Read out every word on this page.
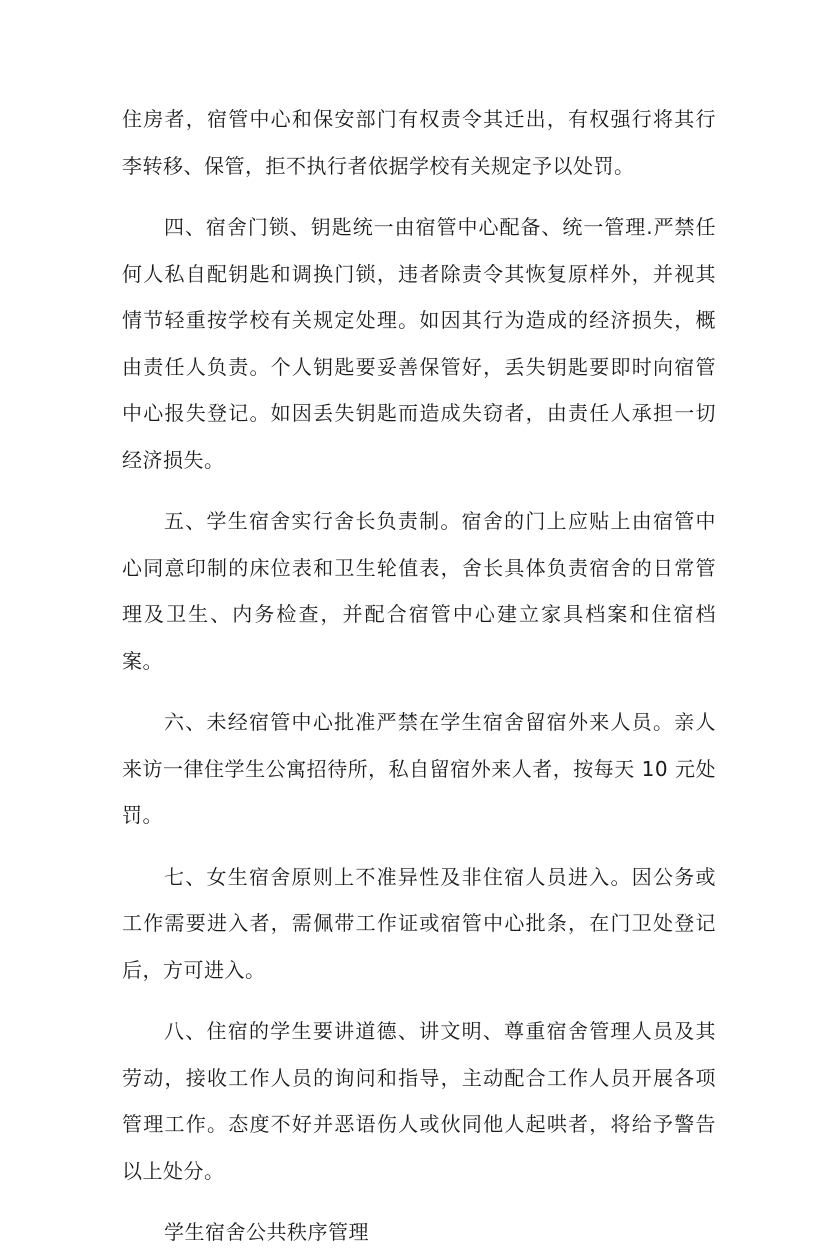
住房者，宿管中心和保安部门有权责令其迁出，有权强行将其行李转移、保管，拒不执行者依据学校有关规定予以处罚。

四、宿舍门锁、钥匙统一由宿管中心配备、统一管理.严禁任何人私自配钥匙和调换门锁，违者除责令其恢复原样外，并视其情节轻重按学校有关规定处理。如因其行为造成的经济损失，概由责任人负责。个人钥匙要妥善保管好，丢失钥匙要即时向宿管中心报失登记。如因丢失钥匙而造成失窃者，由责任人承担一切经济损失。

五、学生宿舍实行舍长负责制。宿舍的门上应贴上由宿管中心同意印制的床位表和卫生轮值表，舍长具体负责宿舍的日常管理及卫生、内务检查，并配合宿管中心建立家具档案和住宿档案。

六、未经宿管中心批准严禁在学生宿舍留宿外来人员。亲人来访一律住学生公寓招待所，私自留宿外来人者，按每天 10 元处罚。

七、女生宿舍原则上不准异性及非住宿人员进入。因公务或工作需要进入者，需佩带工作证或宿管中心批条，在门卫处登记后，方可进入。

八、住宿的学生要讲道德、讲文明、尊重宿舍管理人员及其劳动，接收工作人员的询问和指导，主动配合工作人员开展各项管理工作。态度不好并恶语伤人或伙同他人起哄者，将给予警告以上处分。

学生宿舍公共秩序管理
